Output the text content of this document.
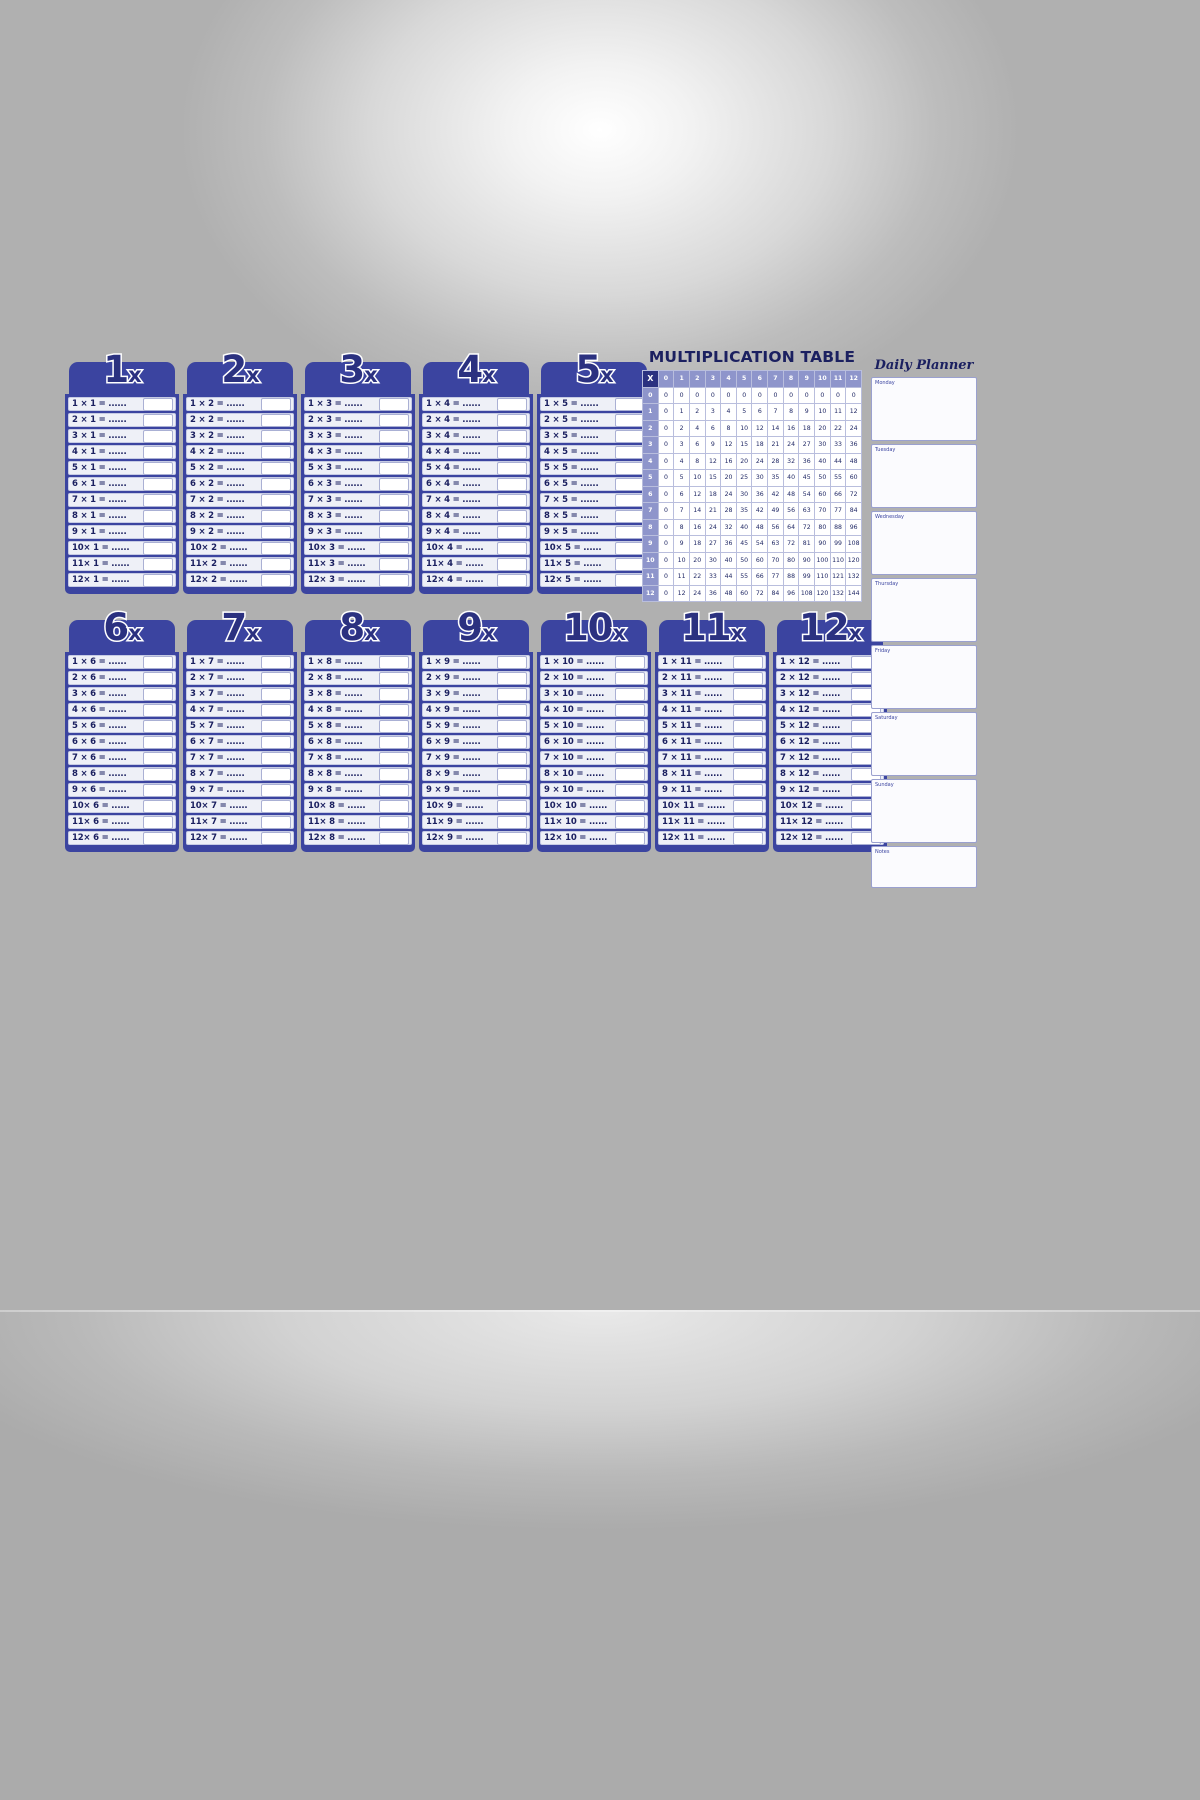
1x
1 × 1 = ......
2 × 1 = ......
3 × 1 = ......
4 × 1 = ......
5 × 1 = ......
6 × 1 = ......
7 × 1 = ......
8 × 1 = ......
9 × 1 = ......
10× 1 = ......
11× 1 = ......
12× 1 = ......
2x
1 × 2 = ......
2 × 2 = ......
3 × 2 = ......
4 × 2 = ......
5 × 2 = ......
6 × 2 = ......
7 × 2 = ......
8 × 2 = ......
9 × 2 = ......
10× 2 = ......
11× 2 = ......
12× 2 = ......
3x
1 × 3 = ......
2 × 3 = ......
3 × 3 = ......
4 × 3 = ......
5 × 3 = ......
6 × 3 = ......
7 × 3 = ......
8 × 3 = ......
9 × 3 = ......
10× 3 = ......
11× 3 = ......
12× 3 = ......
4x
1 × 4 = ......
2 × 4 = ......
3 × 4 = ......
4 × 4 = ......
5 × 4 = ......
6 × 4 = ......
7 × 4 = ......
8 × 4 = ......
9 × 4 = ......
10× 4 = ......
11× 4 = ......
12× 4 = ......
5x
1 × 5 = ......
2 × 5 = ......
3 × 5 = ......
4 × 5 = ......
5 × 5 = ......
6 × 5 = ......
7 × 5 = ......
8 × 5 = ......
9 × 5 = ......
10× 5 = ......
11× 5 = ......
12× 5 = ......
6x
1 × 6 = ......
2 × 6 = ......
3 × 6 = ......
4 × 6 = ......
5 × 6 = ......
6 × 6 = ......
7 × 6 = ......
8 × 6 = ......
9 × 6 = ......
10× 6 = ......
11× 6 = ......
12× 6 = ......
7x
1 × 7 = ......
2 × 7 = ......
3 × 7 = ......
4 × 7 = ......
5 × 7 = ......
6 × 7 = ......
7 × 7 = ......
8 × 7 = ......
9 × 7 = ......
10× 7 = ......
11× 7 = ......
12× 7 = ......
8x
1 × 8 = ......
2 × 8 = ......
3 × 8 = ......
4 × 8 = ......
5 × 8 = ......
6 × 8 = ......
7 × 8 = ......
8 × 8 = ......
9 × 8 = ......
10× 8 = ......
11× 8 = ......
12× 8 = ......
9x
1 × 9 = ......
2 × 9 = ......
3 × 9 = ......
4 × 9 = ......
5 × 9 = ......
6 × 9 = ......
7 × 9 = ......
8 × 9 = ......
9 × 9 = ......
10× 9 = ......
11× 9 = ......
12× 9 = ......
10x
1 × 10 = ......
2 × 10 = ......
3 × 10 = ......
4 × 10 = ......
5 × 10 = ......
6 × 10 = ......
7 × 10 = ......
8 × 10 = ......
9 × 10 = ......
10× 10 = ......
11× 10 = ......
12× 10 = ......
11x
1 × 11 = ......
2 × 11 = ......
3 × 11 = ......
4 × 11 = ......
5 × 11 = ......
6 × 11 = ......
7 × 11 = ......
8 × 11 = ......
9 × 11 = ......
10× 11 = ......
11× 11 = ......
12× 11 = ......
12x
1 × 12 = ......
2 × 12 = ......
3 × 12 = ......
4 × 12 = ......
5 × 12 = ......
6 × 12 = ......
7 × 12 = ......
8 × 12 = ......
9 × 12 = ......
10× 12 = ......
11× 12 = ......
12× 12 = ......
MULTIPLICATION TABLE
X	0	1	2	3	4	5	6	7	8	9	10	11	12
0	0	0	0	0	0	0	0	0	0	0	0	0	0
1	0	1	2	3	4	5	6	7	8	9	10	11	12
2	0	2	4	6	8	10	12	14	16	18	20	22	24
3	0	3	6	9	12	15	18	21	24	27	30	33	36
4	0	4	8	12	16	20	24	28	32	36	40	44	48
5	0	5	10	15	20	25	30	35	40	45	50	55	60
6	0	6	12	18	24	30	36	42	48	54	60	66	72
7	0	7	14	21	28	35	42	49	56	63	70	77	84
8	0	8	16	24	32	40	48	56	64	72	80	88	96
9	0	9	18	27	36	45	54	63	72	81	90	99	108
10	0	10	20	30	40	50	60	70	80	90	100	110	120
11	0	11	22	33	44	55	66	77	88	99	110	121	132
12	0	12	24	36	48	60	72	84	96	108	120	132	144
Daily Planner
Monday
Tuesday
Wednesday
Thursday
Friday
Saturday
Sunday
Notes
